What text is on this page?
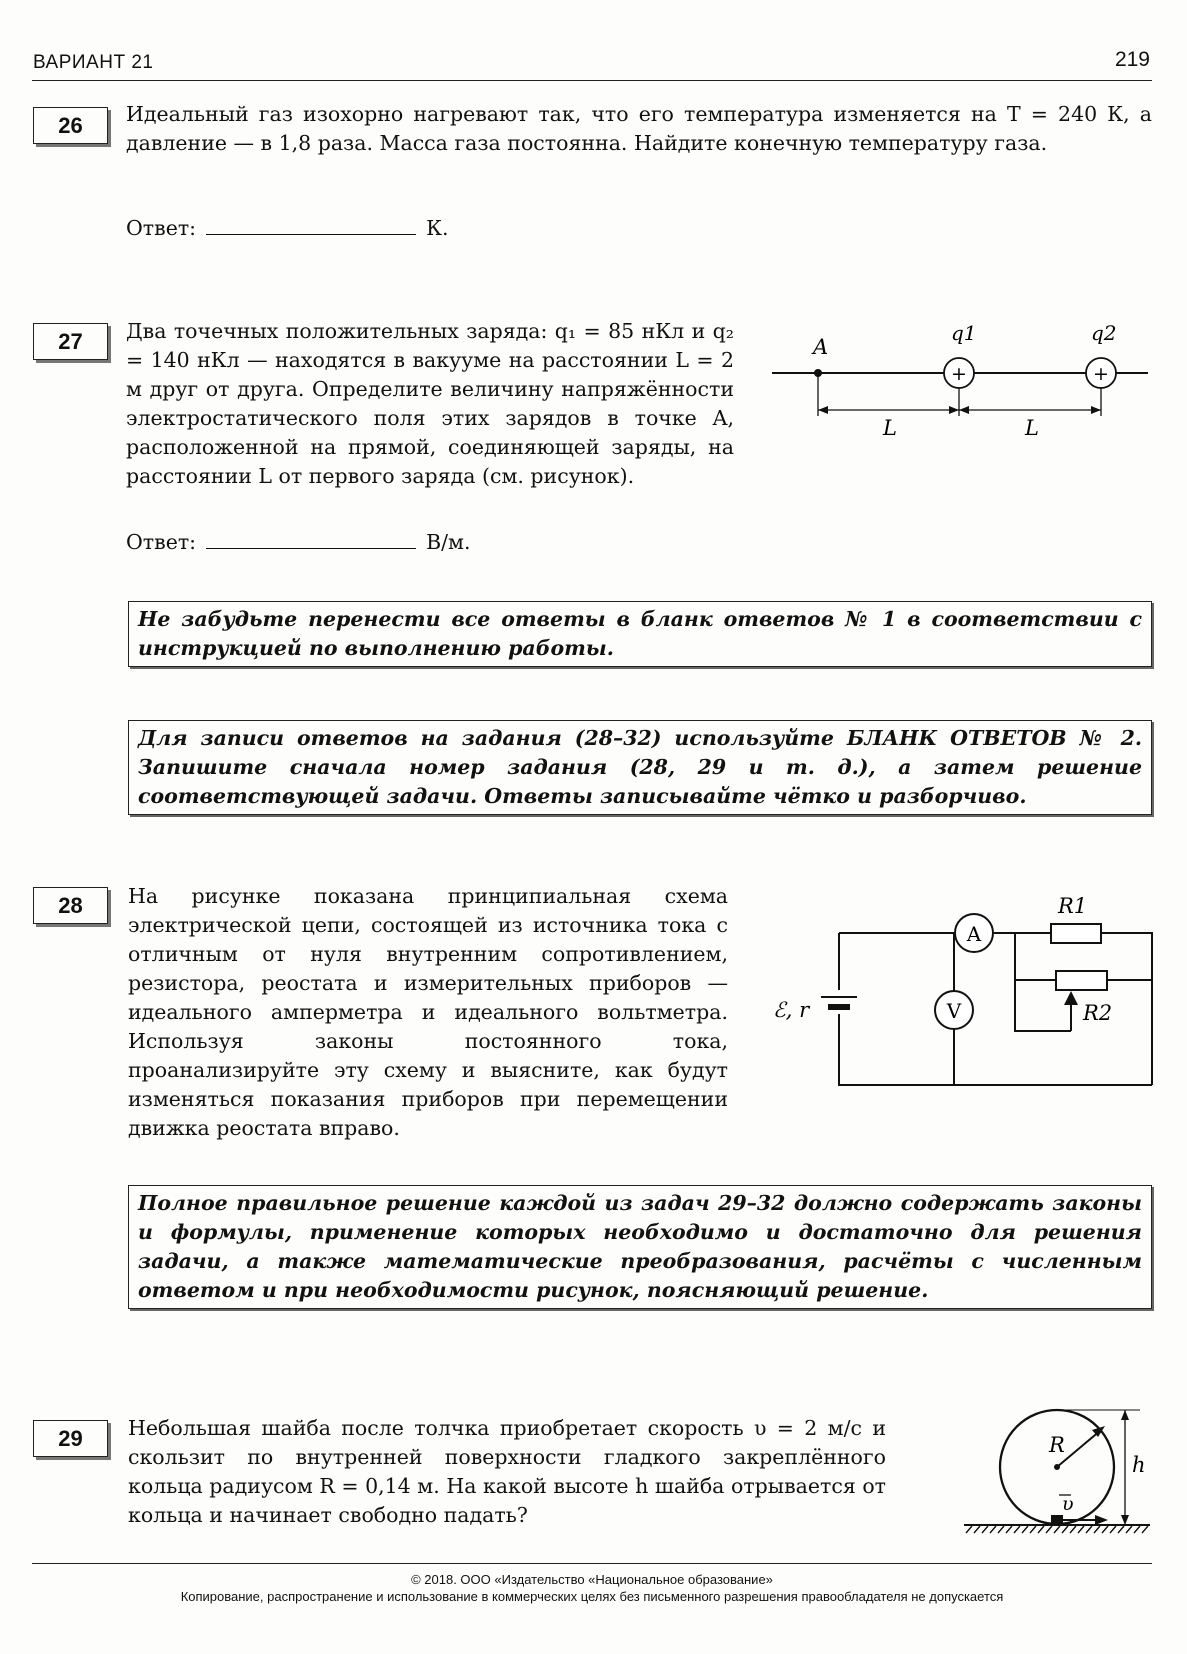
ВАРИАНТ 21	219
26	Идеальный газ изохорно нагревают так, что его температура изменяется на T = 240 К, а давление — в 1,8 раза. Масса газа постоянна. Найдите конечную температуру газа.
Ответ:	К.
27	Два точечных положительных заряда: q₁ = 85 нКл и q₂ = 140 нКл — находятся в вакууме на расстоянии L = 2 м друг от друга. Определите величину напряжённости электростатического поля этих зарядов в точке A, расположенной на прямой, соединяющей заряды, на расстоянии L от первого заряда (см. рисунок).
Ответ:	В/м.
A
+
q1
+
q2
L	L
Не забудьте перенести все ответы в бланк ответов № 1 в соответствии с инструкцией по выполнению работы.
Для записи ответов на задания (28–32) используйте БЛАНК ОТВЕТОВ № 2. Запишите сначала номер задания (28, 29 и т. д.), а затем решение соответствующей задачи. Ответы записывайте чётко и разборчиво.
28	На рисунке показана принципиальная схема электрической цепи, состоящей из источника тока с отличным от нуля внутренним сопротивлением, резистора, реостата и измерительных приборов — идеального амперметра и идеального вольтметра. Используя законы постоянного тока, проанализируйте эту схему и выясните, как будут изменяться показания приборов при перемещении движка реостата вправо.
ℰ, r
A
V
R1
R2
Полное правильное решение каждой из задач 29–32 должно содержать законы и формулы, применение которых необходимо и достаточно для решения задачи, а также математические преобразования, расчёты с численным ответом и при необходимости рисунок, поясняющий решение.
29	Небольшая шайба после толчка приобретает скорость υ = 2 м/с и скользит по внутренней поверхности гладкого закреплённого кольца радиусом R = 0,14 м. На какой высоте h шайба отрывается от кольца и начинает свободно падать?
R
υ
h
© 2018. ООО «Издательство «Национальное образование»
Копирование, распространение и использование в коммерческих целях без письменного разрешения правообладателя не допускается
